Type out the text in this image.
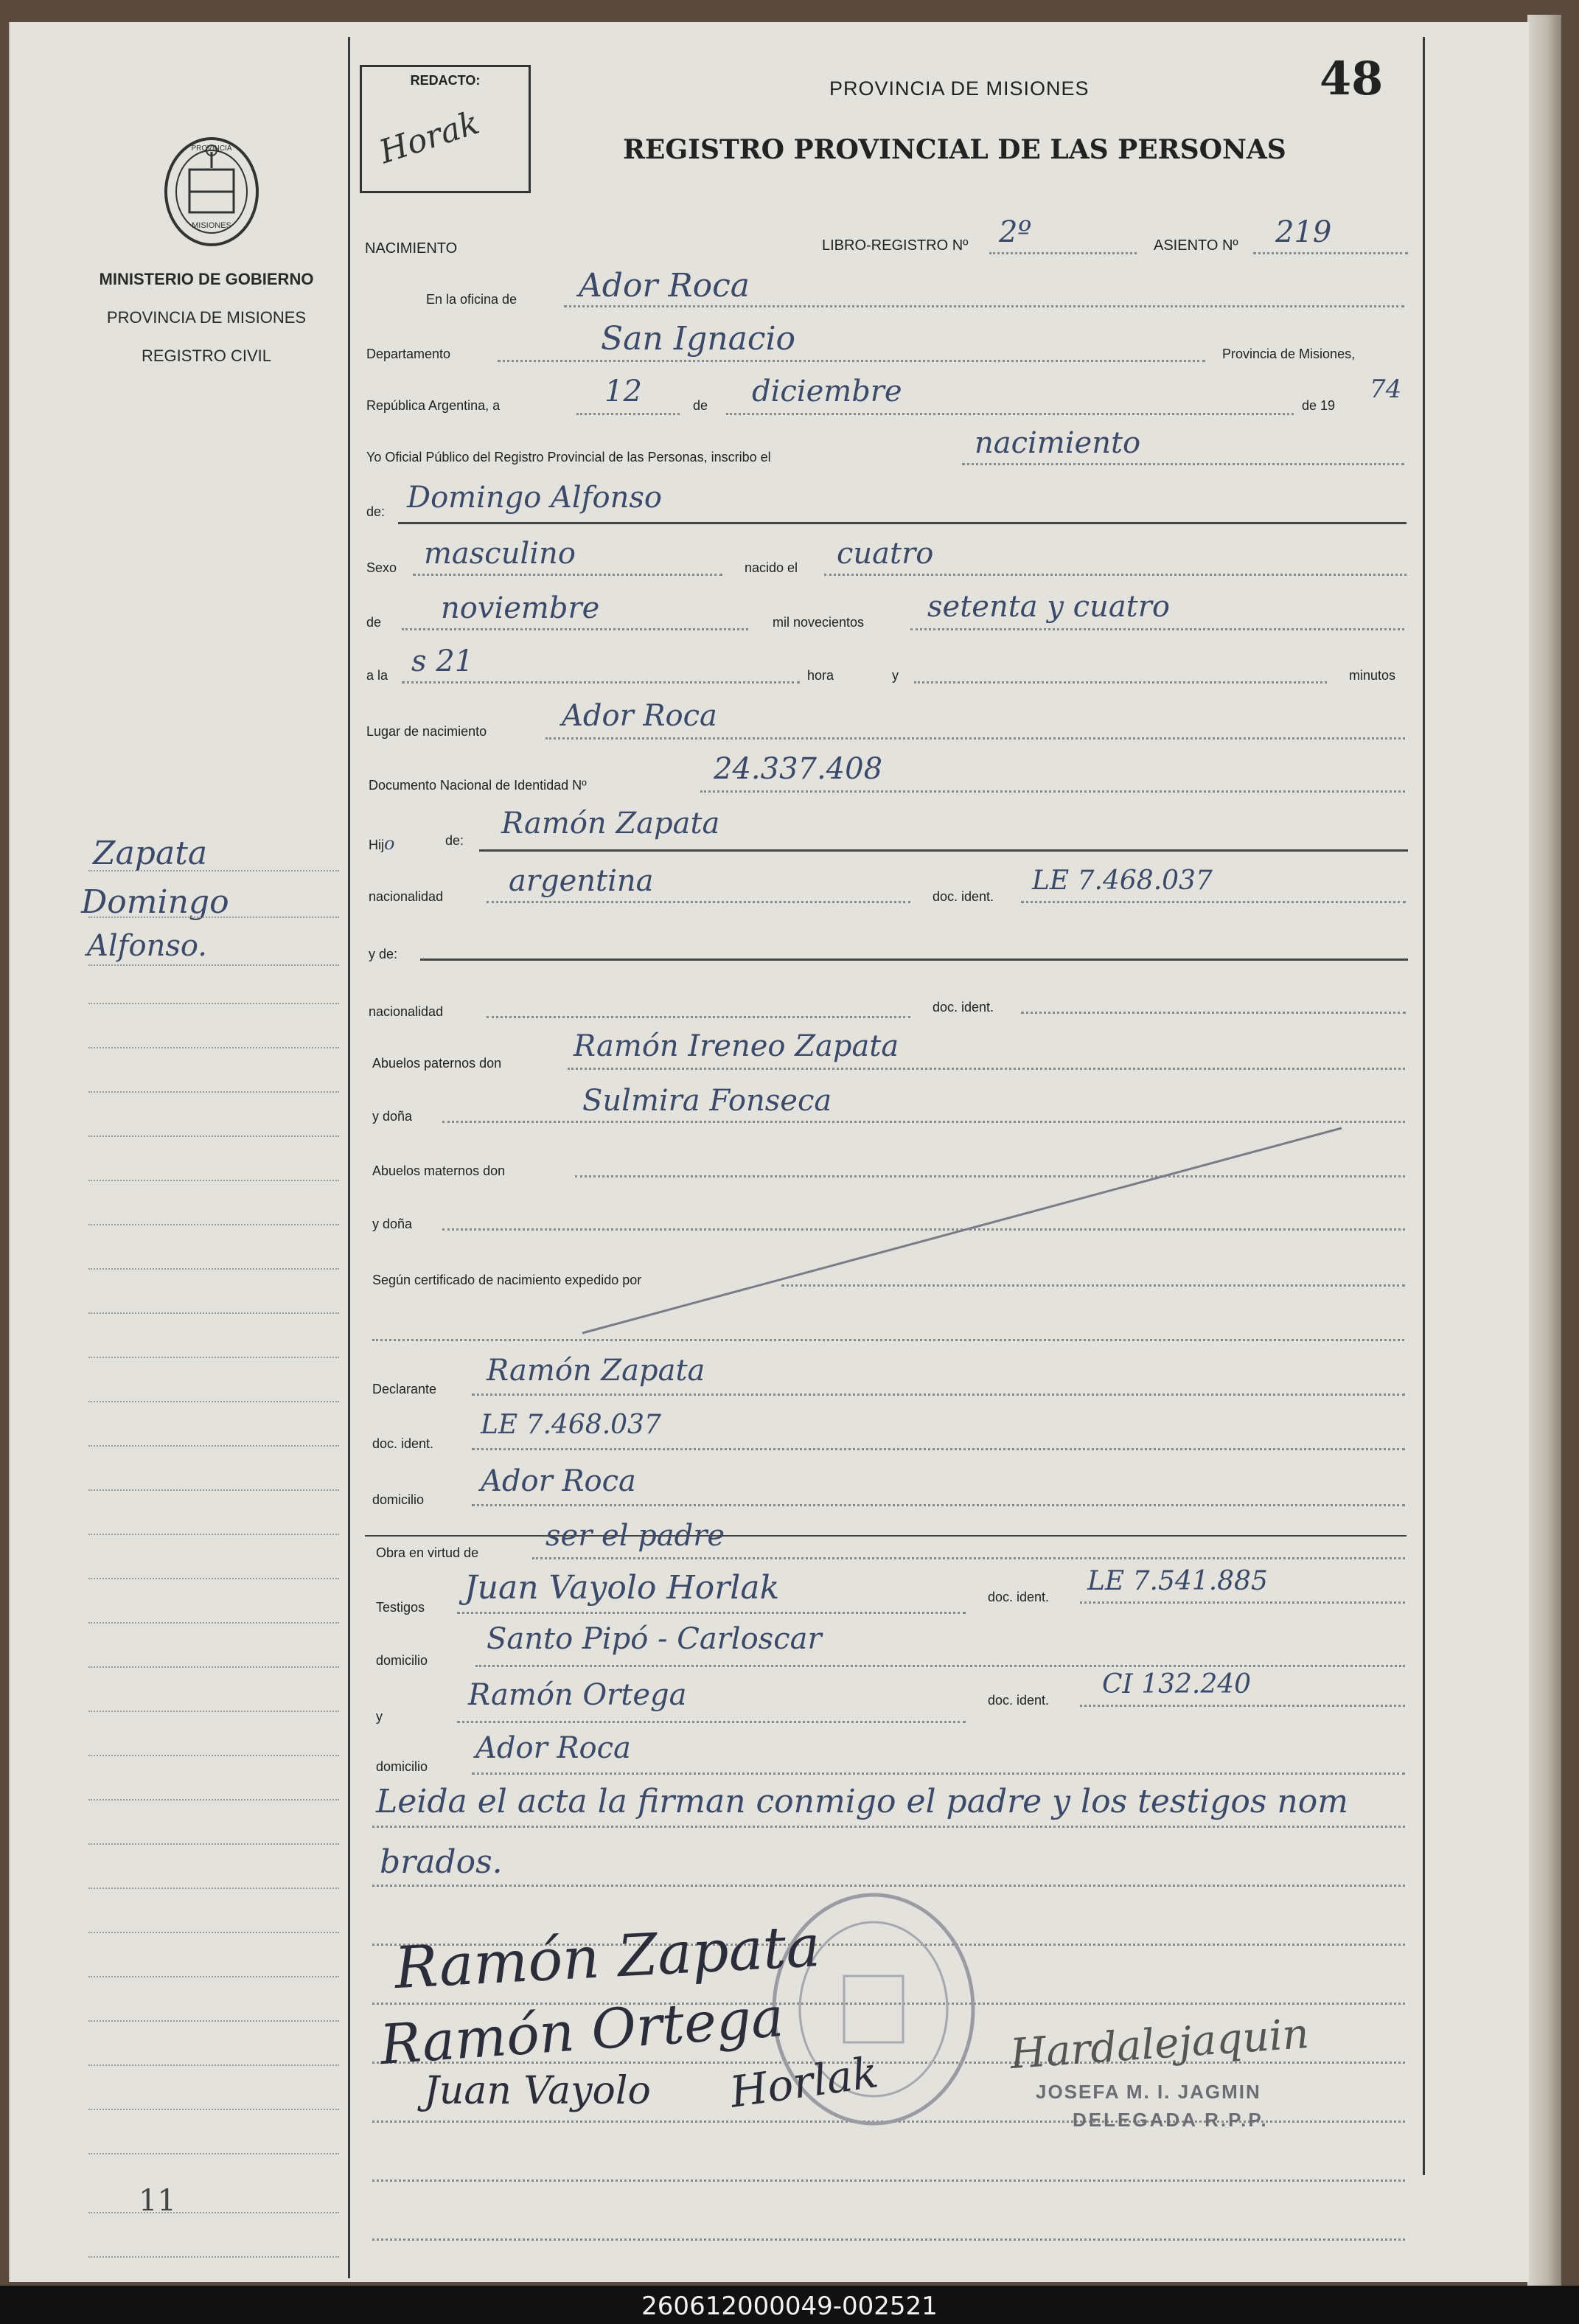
48
REDACTO:
Horak
PROVINCIA DE MISIONES
REGISTRO PROVINCIAL DE LAS PERSONAS
PROVINCIA
MISIONES
MINISTERIO DE GOBIERNO
PROVINCIA DE MISIONES
REGISTRO CIVIL
Zapata
Domingo
Alfonso.
11
NACIMIENTO	LIBRO-REGISTRO Nº 2º	ASIENTO Nº 219
En la oficina de Ador Roca
Departamento	San Ignacio	Provincia de Misiones,
República Argentina, a	12	de diciembre	de 19
74
Yo Oficial Público del Registro Provincial de las Personas, inscribo el	nacimiento
de: Domingo Alfonso
Sexo masculino	nacido el cuatro
de noviembre	mil novecientos setenta y cuatro
a la s 21	hora	y	minutos
Lugar de nacimiento	Ador Roca
Documento Nacional de Identidad Nº	24.337.408
Hijo	de: Ramón Zapata
nacionalidad argentina	doc. ident.
LE 7.468.037
y de:
nacionalidad	doc. ident.
Abuelos paternos don Ramón Ireneo Zapata
y doña	Sulmira Fonseca
Abuelos maternos don
y doña
Según certificado de nacimiento expedido por
Declarante
Ramón Zapata
doc. ident.
LE 7.468.037
domicilio
Ador Roca
Obra en virtud de ser el padre
Testigos
Juan Vayolo Horlak	doc. ident.
LE 7.541.885
domicilio
Santo Pipó - Carloscar
y
Ramón Ortega	doc. ident.
CI 132.240
domicilio
Ador Roca
Leida el acta la firman conmigo el padre y los testigos nom
brados.
Ramón Zapata
Ramón Ortega
Juan Vayolo Horlak
Hardalejaquin
JOSEFA M. I. JAGMIN
DELEGADA R.P.P.
260612000049-002521
